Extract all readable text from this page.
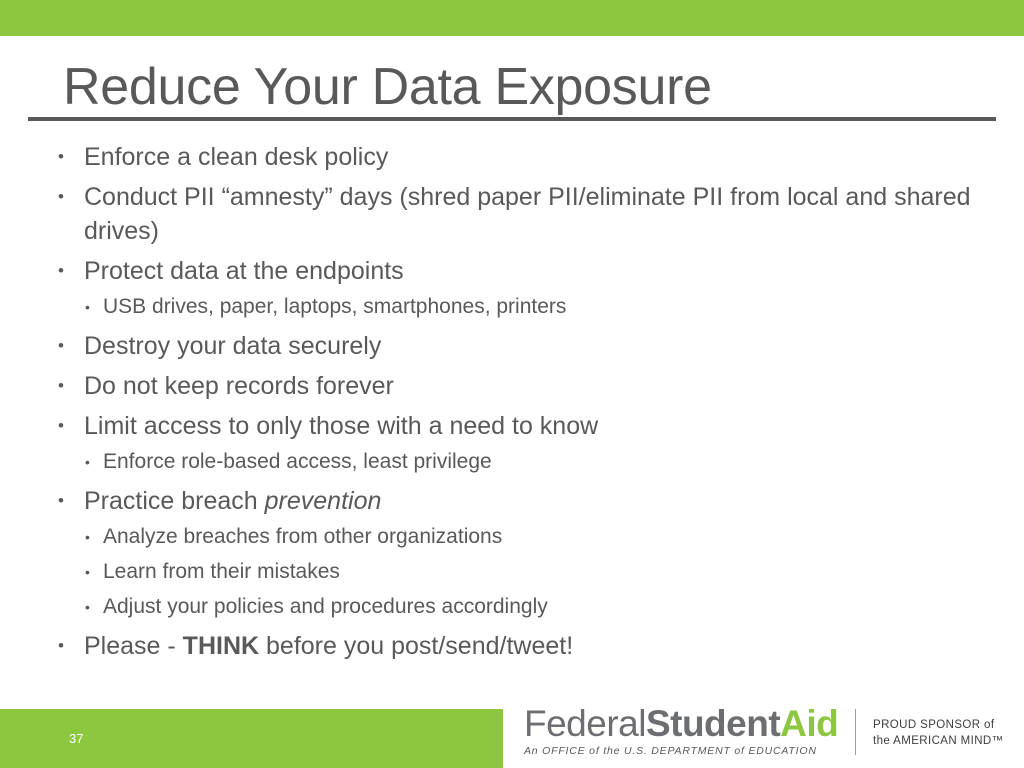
Reduce Your Data Exposure
• Enforce a clean desk policy
• Conduct PII “amnesty” days (shred paper PII/eliminate PII from local and shared drives)
• Protect data at the endpoints
• USB drives, paper, laptops, smartphones, printers
• Destroy your data securely
• Do not keep records forever
• Limit access to only those with a need to know
• Enforce role-based access, least privilege
• Practice breach prevention
• Analyze breaches from other organizations
• Learn from their mistakes
• Adjust your policies and procedures accordingly
• Please - THINK before you post/send/tweet!
37	FederalStudentAid
An OFFICE of the U.S. DEPARTMENT of EDUCATION
PROUD SPONSOR of
the AMERICAN MIND™
